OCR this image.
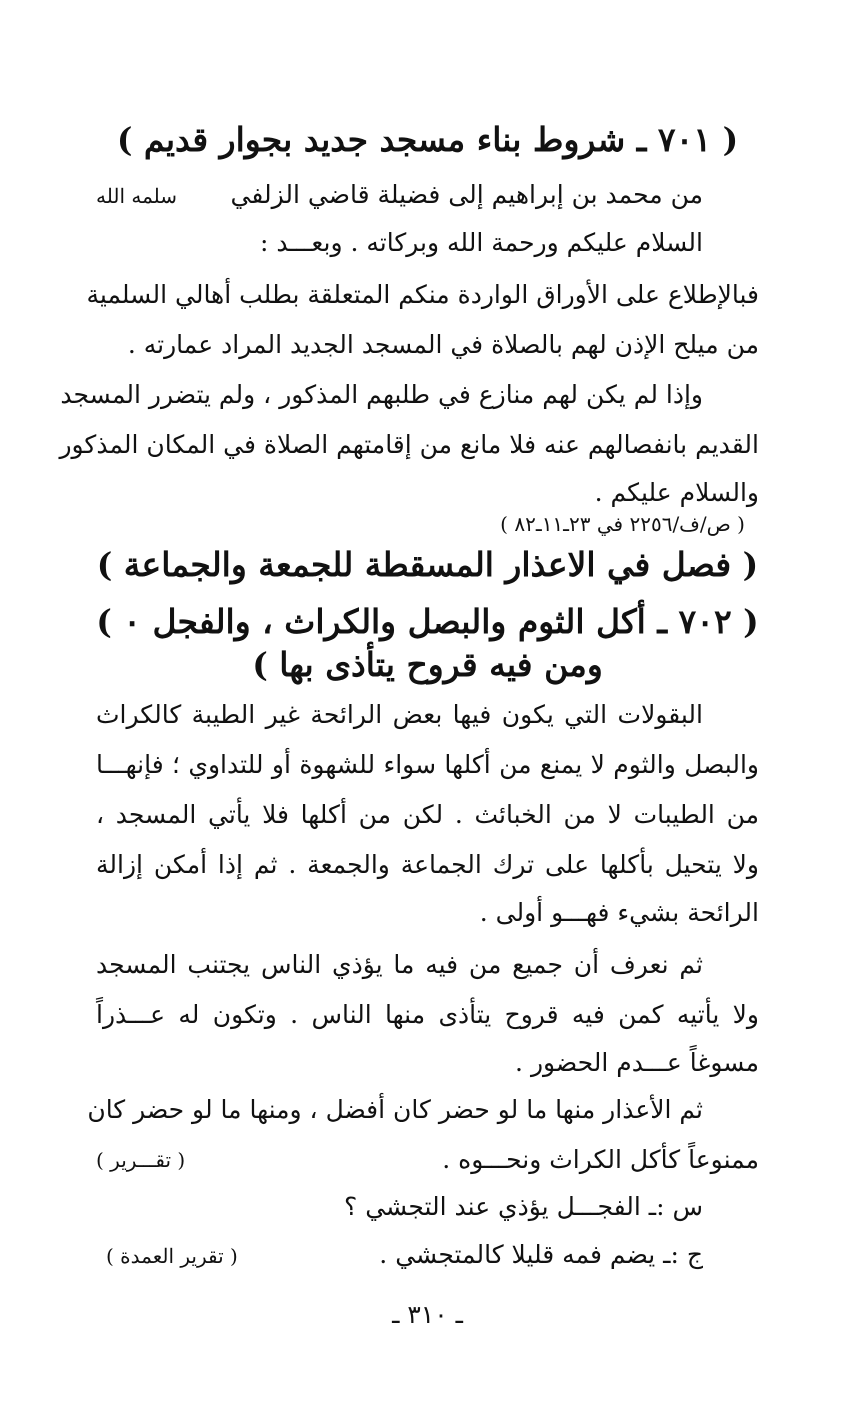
( ٧٠١ ـ شروط بناء مسجد جديد بجوار قديم )
من محمد بن إبراهيم إلى فضيلة قاضي الزلفي
سلمه الله
السلام عليكم ورحمة الله وبركاته . وبعـــد :
فبالإطلاع على الأوراق الواردة منكم المتعلقة بطلب أهالي السلمية
من ميلح الإذن لهم بالصلاة في المسجد الجديد المراد عمارته .
وإذا لم يكن لهم منازع في طلبهم المذكور ، ولم يتضرر المسجد
القديم بانفصالهم عنه فلا مانع من إقامتهم الصلاة في المكان المذكور
والسلام عليكم .
( ص/ف/٢٢٥٦ في ٢٣ـ١١ـ٨٢ )
( فصل في الاعذار المسقطة للجمعة والجماعة )
( ٧٠٢ ـ أكل الثوم والبصل والكراث ، والفجل ٠ )
ومن فيه قروح يتأذى بها )
البقولات التي يكون فيها بعض الرائحة غير الطيبة كالكراث
والبصل والثوم لا يمنع من أكلها سواء للشهوة أو للتداوي ؛ فإنهـــا
من الطيبات لا من الخبائث . لكن من أكلها فلا يأتي المسجد ،
ولا يتحيل بأكلها على ترك الجماعة والجمعة . ثم إذا أمكن إزالة
الرائحة بشيء فهـــو أولى .
ثم نعرف أن جميع من فيه ما يؤذي الناس يجتنب المسجد
ولا يأتيه كمن فيه قروح يتأذى منها الناس . وتكون له عـــذراً
مسوغاً عـــدم الحضور .
ثم الأعذار منها ما لو حضر كان أفضل ، ومنها ما لو حضر كان
ممنوعاً كأكل الكراث ونحـــوه .
( تقـــرير )
س :ـ الفجـــل يؤذي عند التجشي ؟
ج :ـ يضم فمه قليلا كالمتجشي .
( تقرير العمدة )
ـ ٣١٠ ـ
